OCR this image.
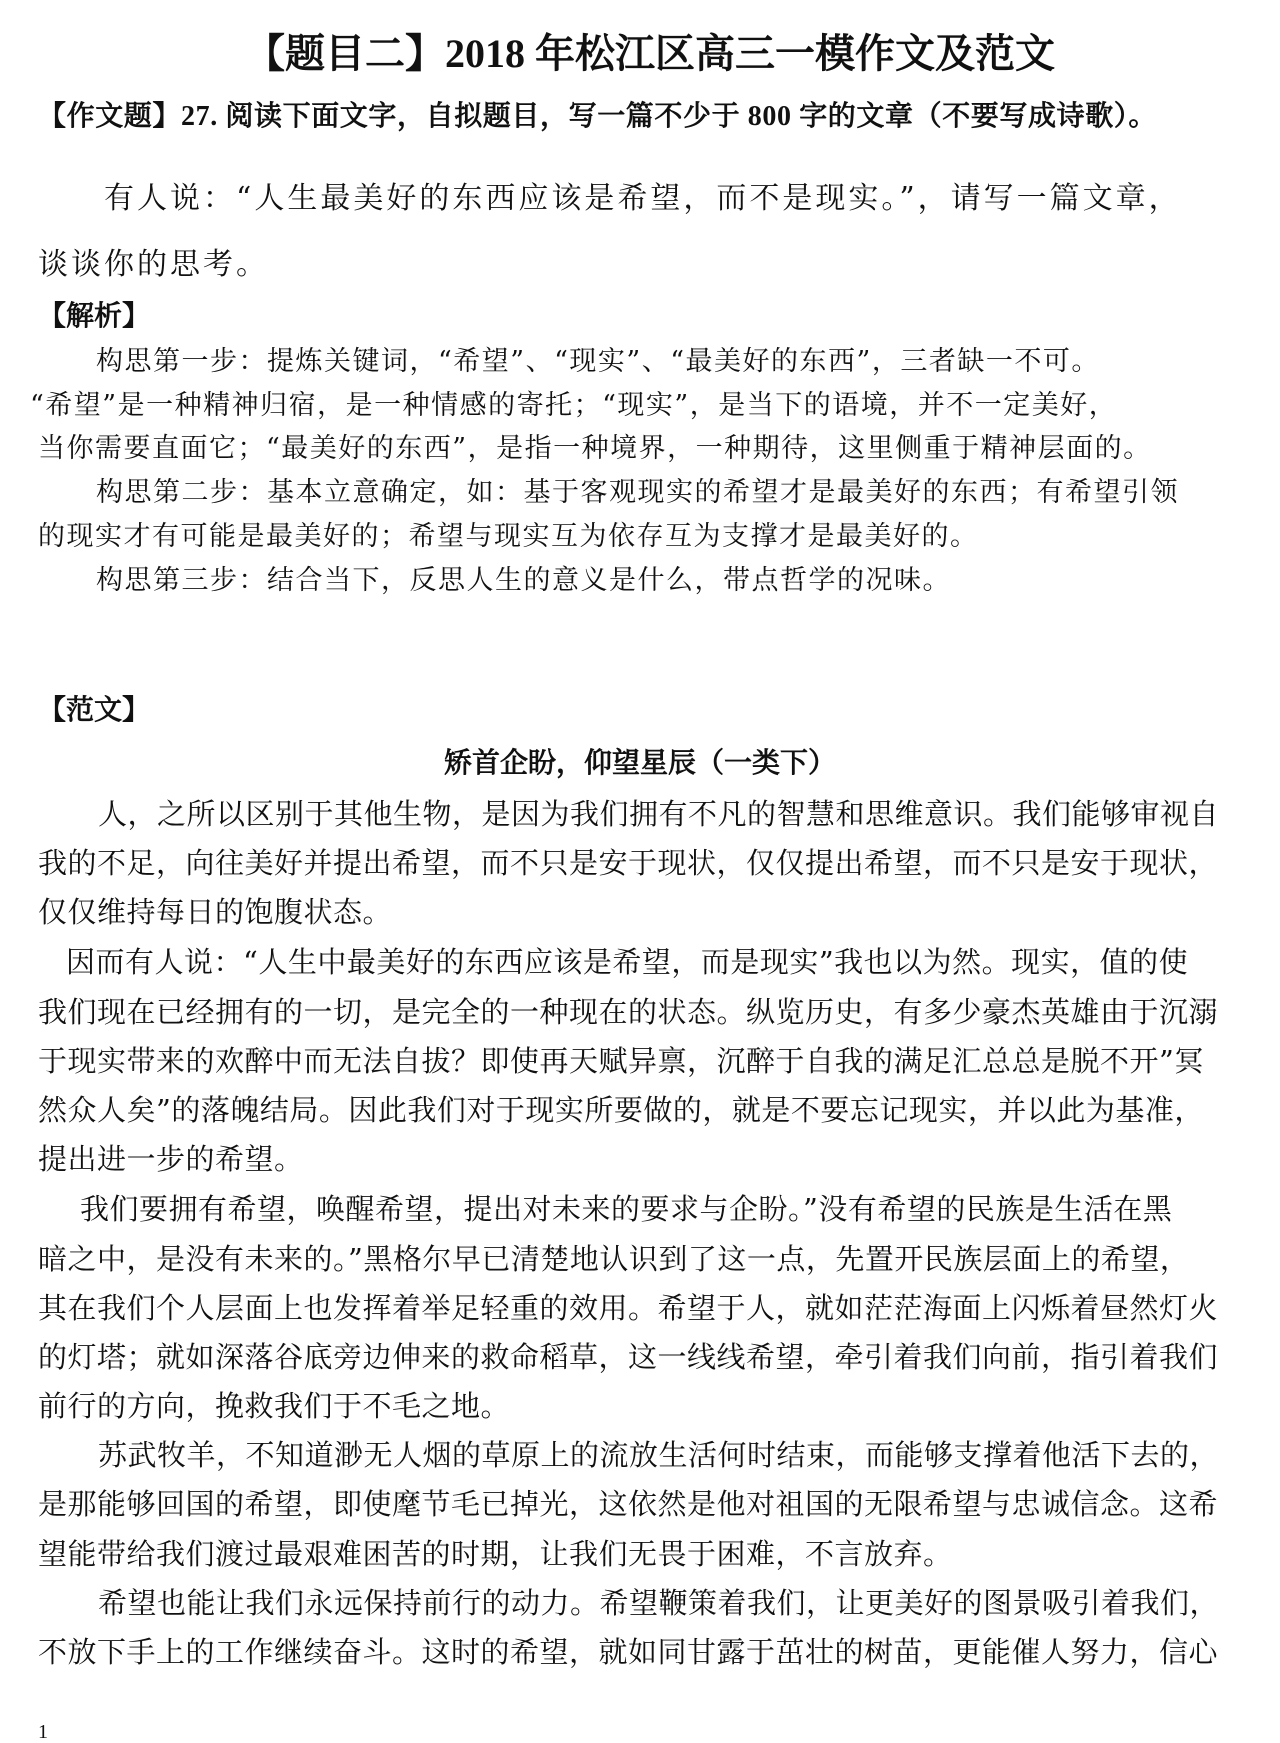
【题目二】2018 年松江区高三一模作文及范文
【作文题】27. 阅读下面文字，自拟题目，写一篇不少于 800 字的文章（不要写成诗歌）。
有人说：“人生最美好的东西应该是希望，而不是现实。”，请写一篇文章，
谈谈你的思考。
【解析】
构思第一步：提炼关键词，“希望”、“现实”、“最美好的东西”，三者缺一不可。
“希望”是一种精神归宿，是一种情感的寄托；“现实”，是当下的语境，并不一定美好，
当你需要直面它；“最美好的东西”，是指一种境界，一种期待，这里侧重于精神层面的。
构思第二步：基本立意确定，如：基于客观现实的希望才是最美好的东西；有希望引领
的现实才有可能是最美好的；希望与现实互为依存互为支撑才是最美好的。
构思第三步：结合当下，反思人生的意义是什么，带点哲学的况味。
【范文】
矫首企盼，仰望星辰（一类下）
人，之所以区别于其他生物，是因为我们拥有不凡的智慧和思维意识。我们能够审视自
我的不足，向往美好并提出希望，而不只是安于现状，仅仅提出希望，而不只是安于现状，
仅仅维持每日的饱腹状态。
因而有人说：“人生中最美好的东西应该是希望，而是现实”我也以为然。现实，值的使
我们现在已经拥有的一切，是完全的一种现在的状态。纵览历史，有多少豪杰英雄由于沉溺
于现实带来的欢醉中而无法自拔？即使再天赋异禀，沉醉于自我的满足汇总总是脱不开”冥
然众人矣”的落魄结局。因此我们对于现实所要做的，就是不要忘记现实，并以此为基准，
提出进一步的希望。
我们要拥有希望，唤醒希望，提出对未来的要求与企盼。”没有希望的民族是生活在黑
暗之中，是没有未来的。”黑格尔早已清楚地认识到了这一点，先置开民族层面上的希望，
其在我们个人层面上也发挥着举足轻重的效用。希望于人，就如茫茫海面上闪烁着昼然灯火
的灯塔；就如深落谷底旁边伸来的救命稻草，这一线线希望，牵引着我们向前，指引着我们
前行的方向，挽救我们于不毛之地。
苏武牧羊，不知道渺无人烟的草原上的流放生活何时结束，而能够支撑着他活下去的，
是那能够回国的希望，即使麾节毛已掉光，这依然是他对祖国的无限希望与忠诚信念。这希
望能带给我们渡过最艰难困苦的时期，让我们无畏于困难，不言放弃。
希望也能让我们永远保持前行的动力。希望鞭策着我们，让更美好的图景吸引着我们，
不放下手上的工作继续奋斗。这时的希望，就如同甘露于茁壮的树苗，更能催人努力，信心
1
